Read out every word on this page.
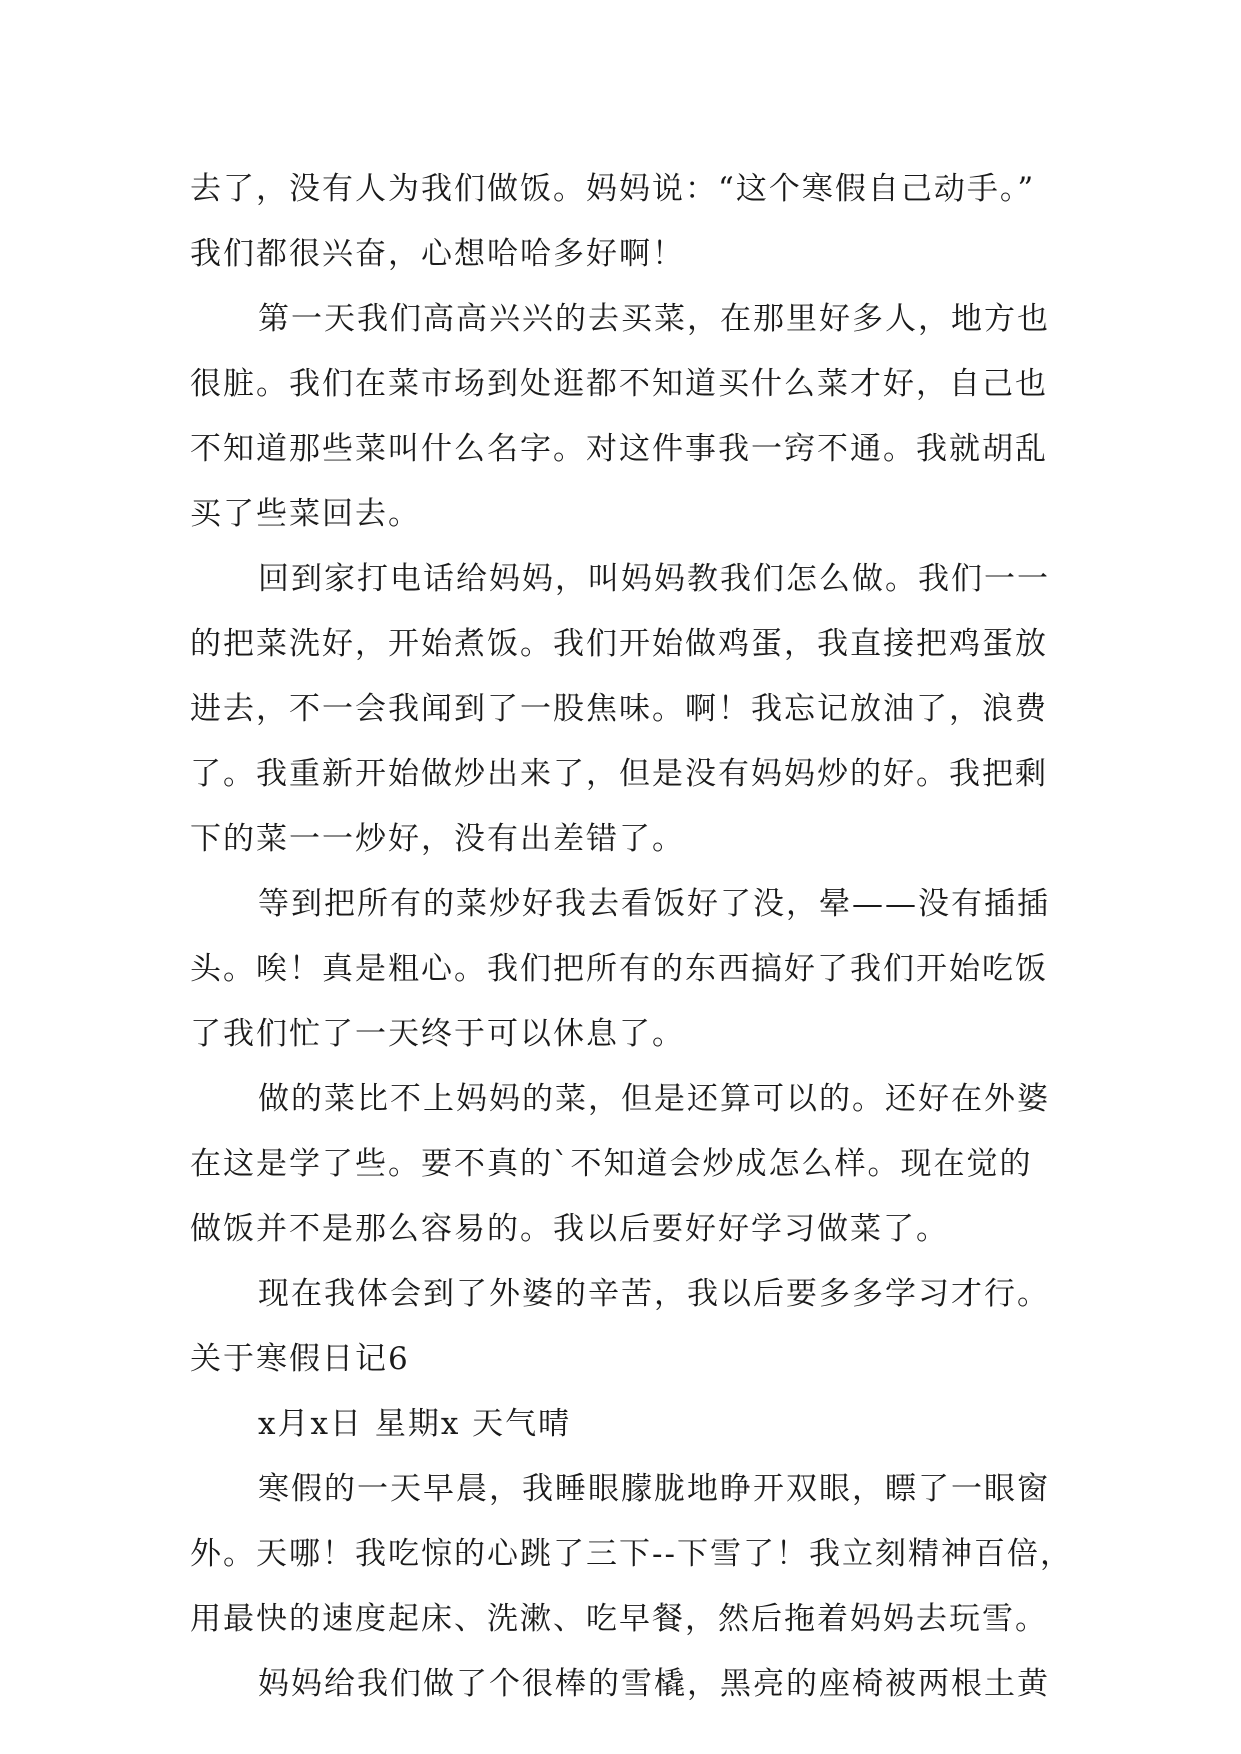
去了，没有人为我们做饭。妈妈说：“这个寒假自己动手。”
我们都很兴奋，心想哈哈多好啊！
第一天我们高高兴兴的去买菜，在那里好多人，地方也
很脏。我们在菜市场到处逛都不知道买什么菜才好，自己也
不知道那些菜叫什么名字。对这件事我一窍不通。我就胡乱
买了些菜回去。
回到家打电话给妈妈，叫妈妈教我们怎么做。我们一一
的把菜洗好，开始煮饭。我们开始做鸡蛋，我直接把鸡蛋放
进去，不一会我闻到了一股焦味。啊！我忘记放油了，浪费
了。我重新开始做炒出来了，但是没有妈妈炒的好。我把剩
下的菜一一炒好，没有出差错了。
等到把所有的菜炒好我去看饭好了没，晕——没有插插
头。唉！真是粗心。我们把所有的东西搞好了我们开始吃饭
了我们忙了一天终于可以休息了。
做的菜比不上妈妈的菜，但是还算可以的。还好在外婆
在这是学了些。要不真的`不知道会炒成怎么样。现在觉的
做饭并不是那么容易的。我以后要好好学习做菜了。
现在我体会到了外婆的辛苦，我以后要多多学习才行。
关于寒假日记6
x月x日 星期x 天气晴
寒假的一天早晨，我睡眼朦胧地睁开双眼，瞟了一眼窗
外。天哪！我吃惊的心跳了三下--下雪了！我立刻精神百倍，
用最快的速度起床、洗漱、吃早餐，然后拖着妈妈去玩雪。
妈妈给我们做了个很棒的雪橇，黑亮的座椅被两根土黄
